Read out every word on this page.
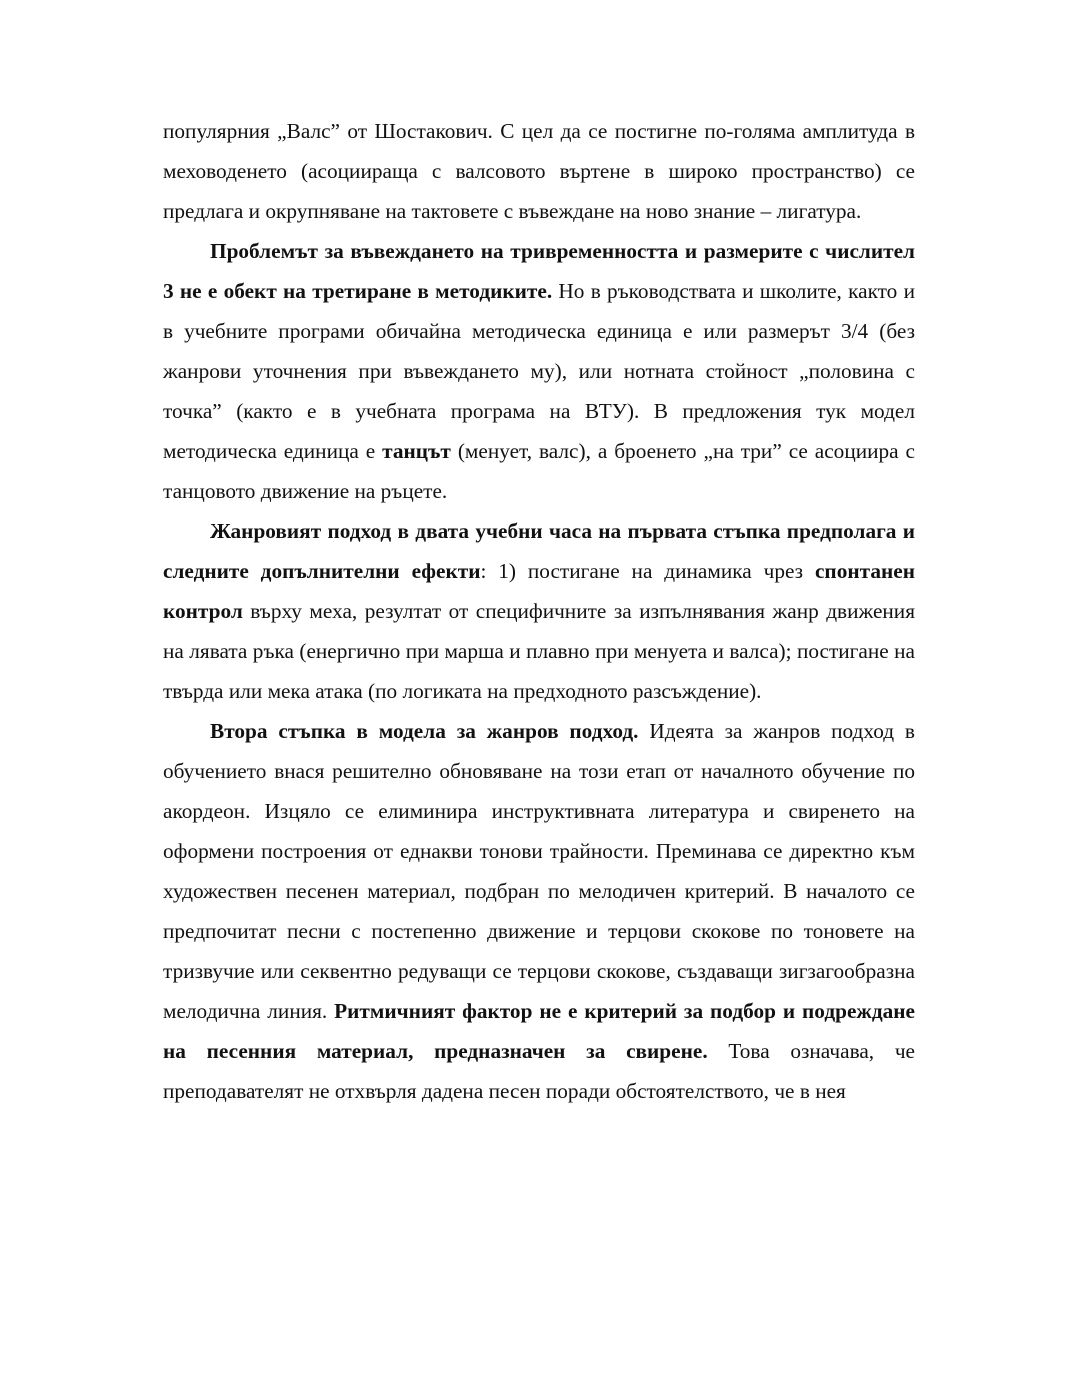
популярния „Валс” от Шостакович. С цел да се постигне по-голяма амплитуда в меховоденето (асоцииращa с валсовото въртене в широко пространство) се предлага и окрупняване на тактовете с въвеждане на ново знание – лигатура.

Проблемът за въвеждането на тривременността и размерите с числител 3 не е обект на третиране в методиките. Но в ръководствата и школите, както и в учебните програми обичайна методическа единица е или размерът 3/4 (без жанрови уточнения при въвеждането му), или нотната стойност „половина с точка” (както е в учебната програма на ВТУ). В предложения тук модел методическа единица е танцът (менует, валс), а броенето „на три” се асоциира с танцовото движение на ръцете.

Жанровият подход в двата учебни часа на първата стъпка предполага и следните допълнителни ефекти: 1) постигане на динамика чрез спонтанен контрол върху меха, резултат от специфичните за изпълнявания жанр движения на лявата ръка (енергично при марша и плавно при менуета и валса); постигане на твърда или мека атака (по логиката на предходното разсъждение).

Втора стъпка в модела за жанров подход. Идеята за жанров подход в обучението внася решително обновяване на този етап от началното обучение по акордеон. Изцяло се елиминира инструктивната литература и свиренето на оформени построения от еднакви тонови трайности. Преминава се директно към художествен песенен материал, подбран по мелодичен критерий. В началото се предпочитат песни с постепенно движение и терцови скокове по тоновете на тризвучие или секвентно редуващи се терцови скокове, създаващи зигзагообразна мелодична линия. Ритмичният фактор не е критерий за подбор и подреждане на песенния материал, предназначен за свирене. Това означава, че преподавателят не отхвърля дадена песен поради обстоятелството, че в нея
